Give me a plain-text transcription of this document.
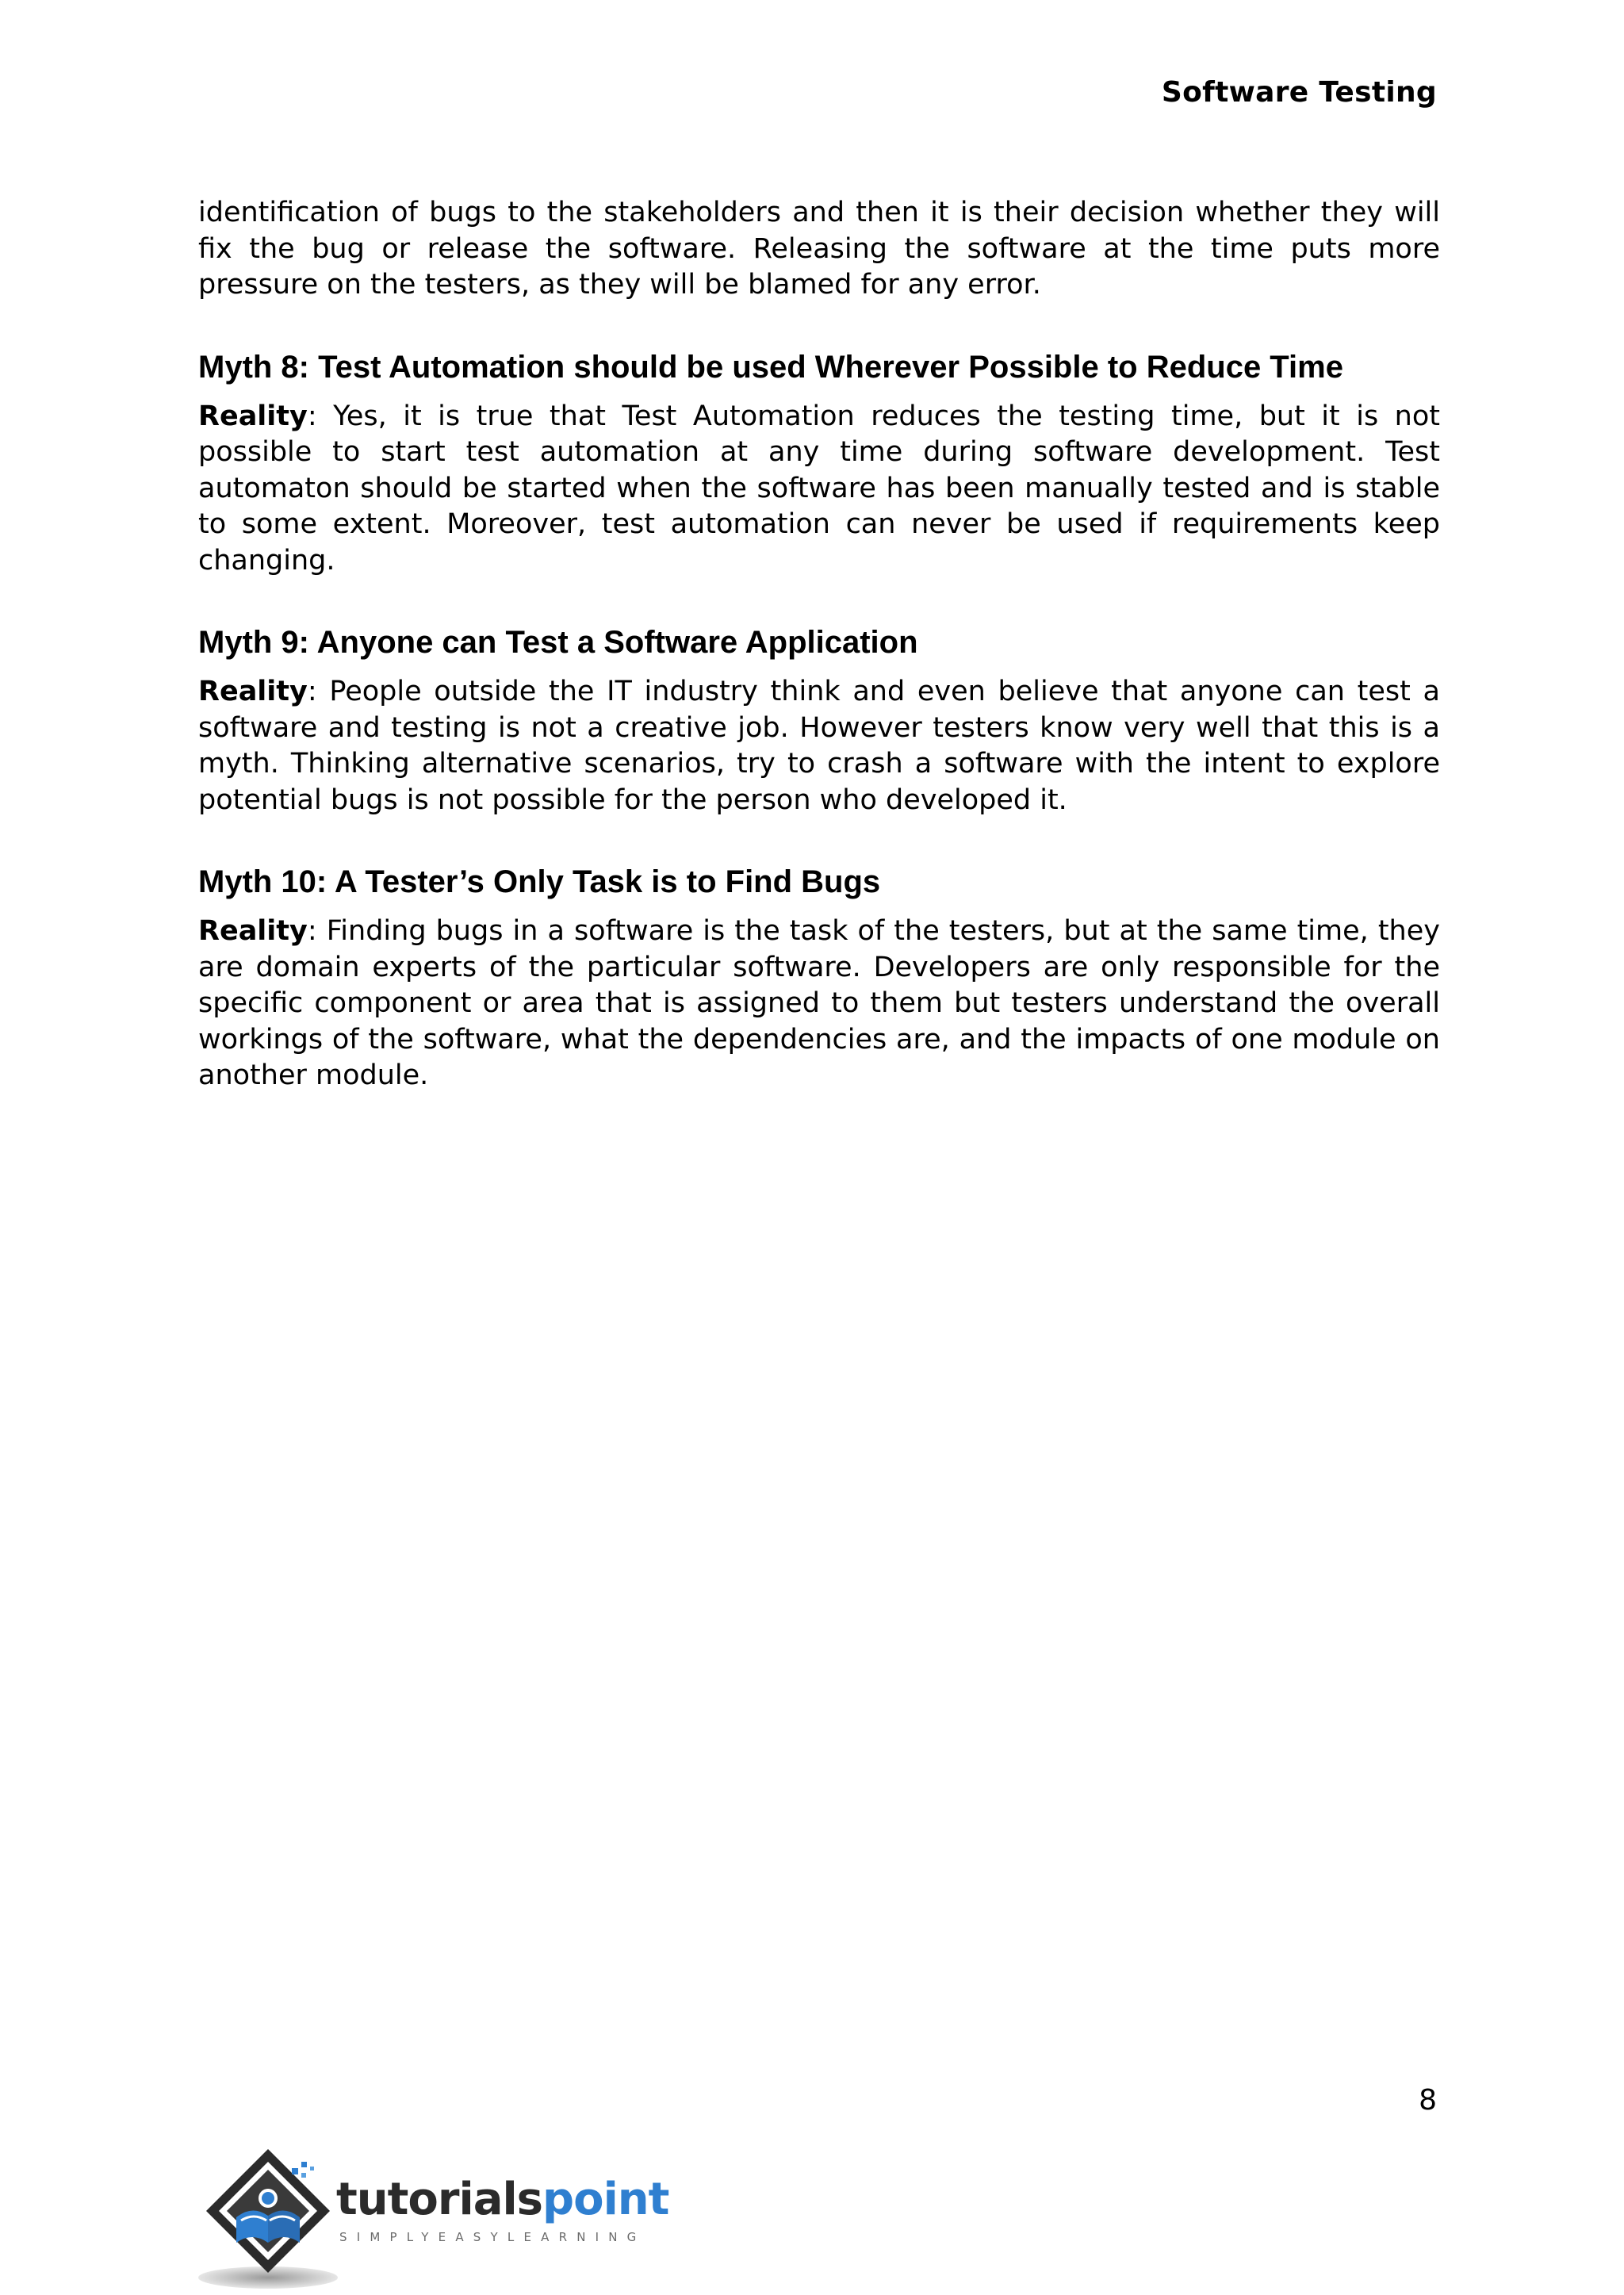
Software Testing

identification of bugs to the stakeholders and then it is their decision whether they will fix the bug or release the software. Releasing the software at the time puts more pressure on the testers, as they will be blamed for any error.

Myth 8: Test Automation should be used Wherever Possible to Reduce Time

Reality: Yes, it is true that Test Automation reduces the testing time, but it is not possible to start test automation at any time during software development. Test automaton should be started when the software has been manually tested and is stable to some extent. Moreover, test automation can never be used if requirements keep changing.

Myth 9: Anyone can Test a Software Application

Reality: People outside the IT industry think and even believe that anyone can test a software and testing is not a creative job. However testers know very well that this is a myth. Thinking alternative scenarios, try to crash a software with the intent to explore potential bugs is not possible for the person who developed it.

Myth 10: A Tester’s Only Task is to Find Bugs

Reality: Finding bugs in a software is the task of the testers, but at the same time, they are domain experts of the particular software. Developers are only responsible for the specific component or area that is assigned to them but testers understand the overall workings of the software, what the dependencies are, and the impacts of one module on another module.

8
tutorialspoint
SIMPLYEASYLEARNING
